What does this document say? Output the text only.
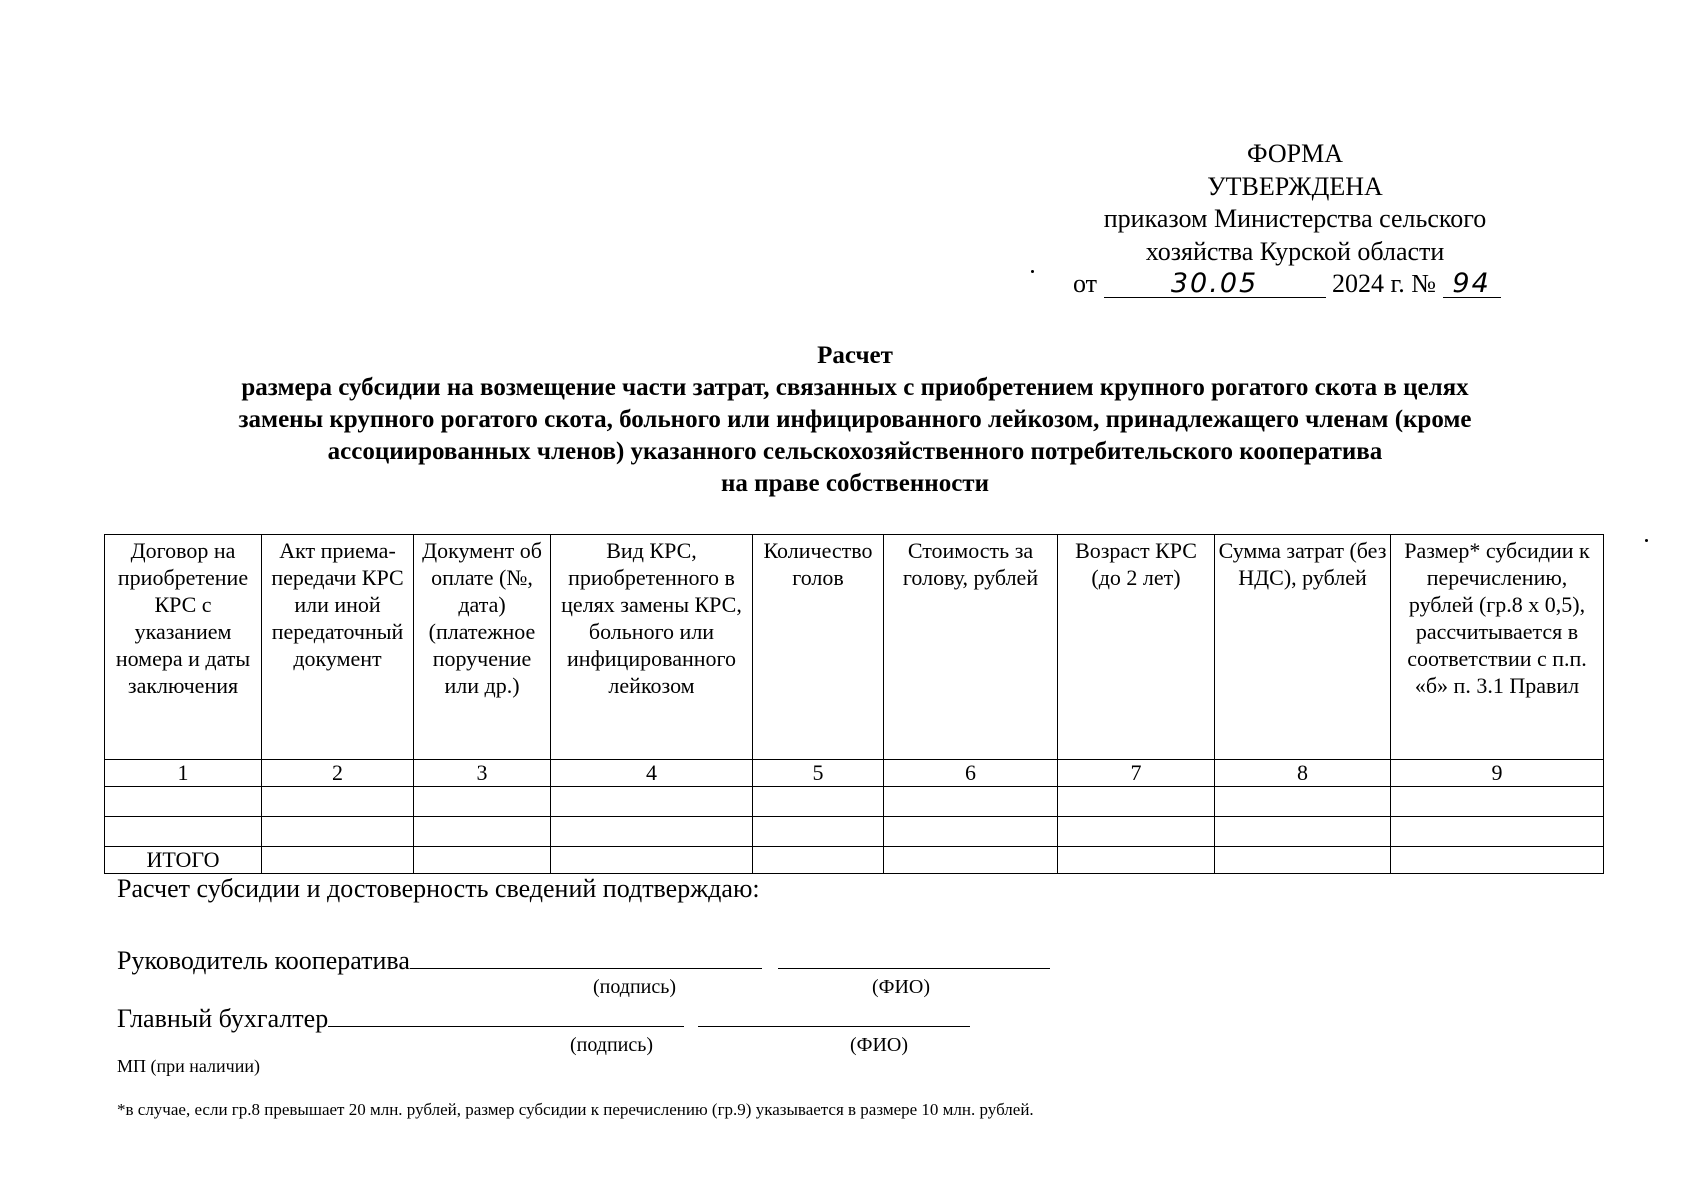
ФОРМА
УТВЕРЖДЕНА
приказом Министерства сельского
хозяйства Курской области
от	30.05	2024 г. № 94
Расчет
размера субсидии на возмещение части затрат, связанных с приобретением крупного рогатого скота в целях
замены крупного рогатого скота, больного или инфицированного лейкозом, принадлежащего членам (кроме
ассоциированных членов) указанного сельскохозяйственного потребительского кооператива
на праве собственности
Договор на приобретение КРС с указанием номера и даты заключения	Акт приема-передачи КРС или иной передаточный документ	Документ об оплате (№, дата) (платежное поручение или др.)	Вид КРС, приобретенного в целях замены КРС, больного или инфицированного лейкозом	Количество голов	Стоимость за голову, рублей	Возраст КРС (до 2 лет)	Сумма затрат (без НДС), рублей	Размер* субсидии к перечислению, рублей (гр.8 х 0,5), рассчитывается в соответствии с п.п. «б» п. 3.1 Правил
1	2	3	4	5	6	7	8	9

ИТОГО								
Расчет субсидии и достоверность сведений подтверждаю:
Руководитель кооператива
(подпись)	(ФИО)
Главный бухгалтер
(подпись)	(ФИО)
МП (при наличии)
*в случае, если гр.8 превышает 20 млн. рублей, размер субсидии к перечислению (гр.9) указывается в размере 10 млн. рублей.
